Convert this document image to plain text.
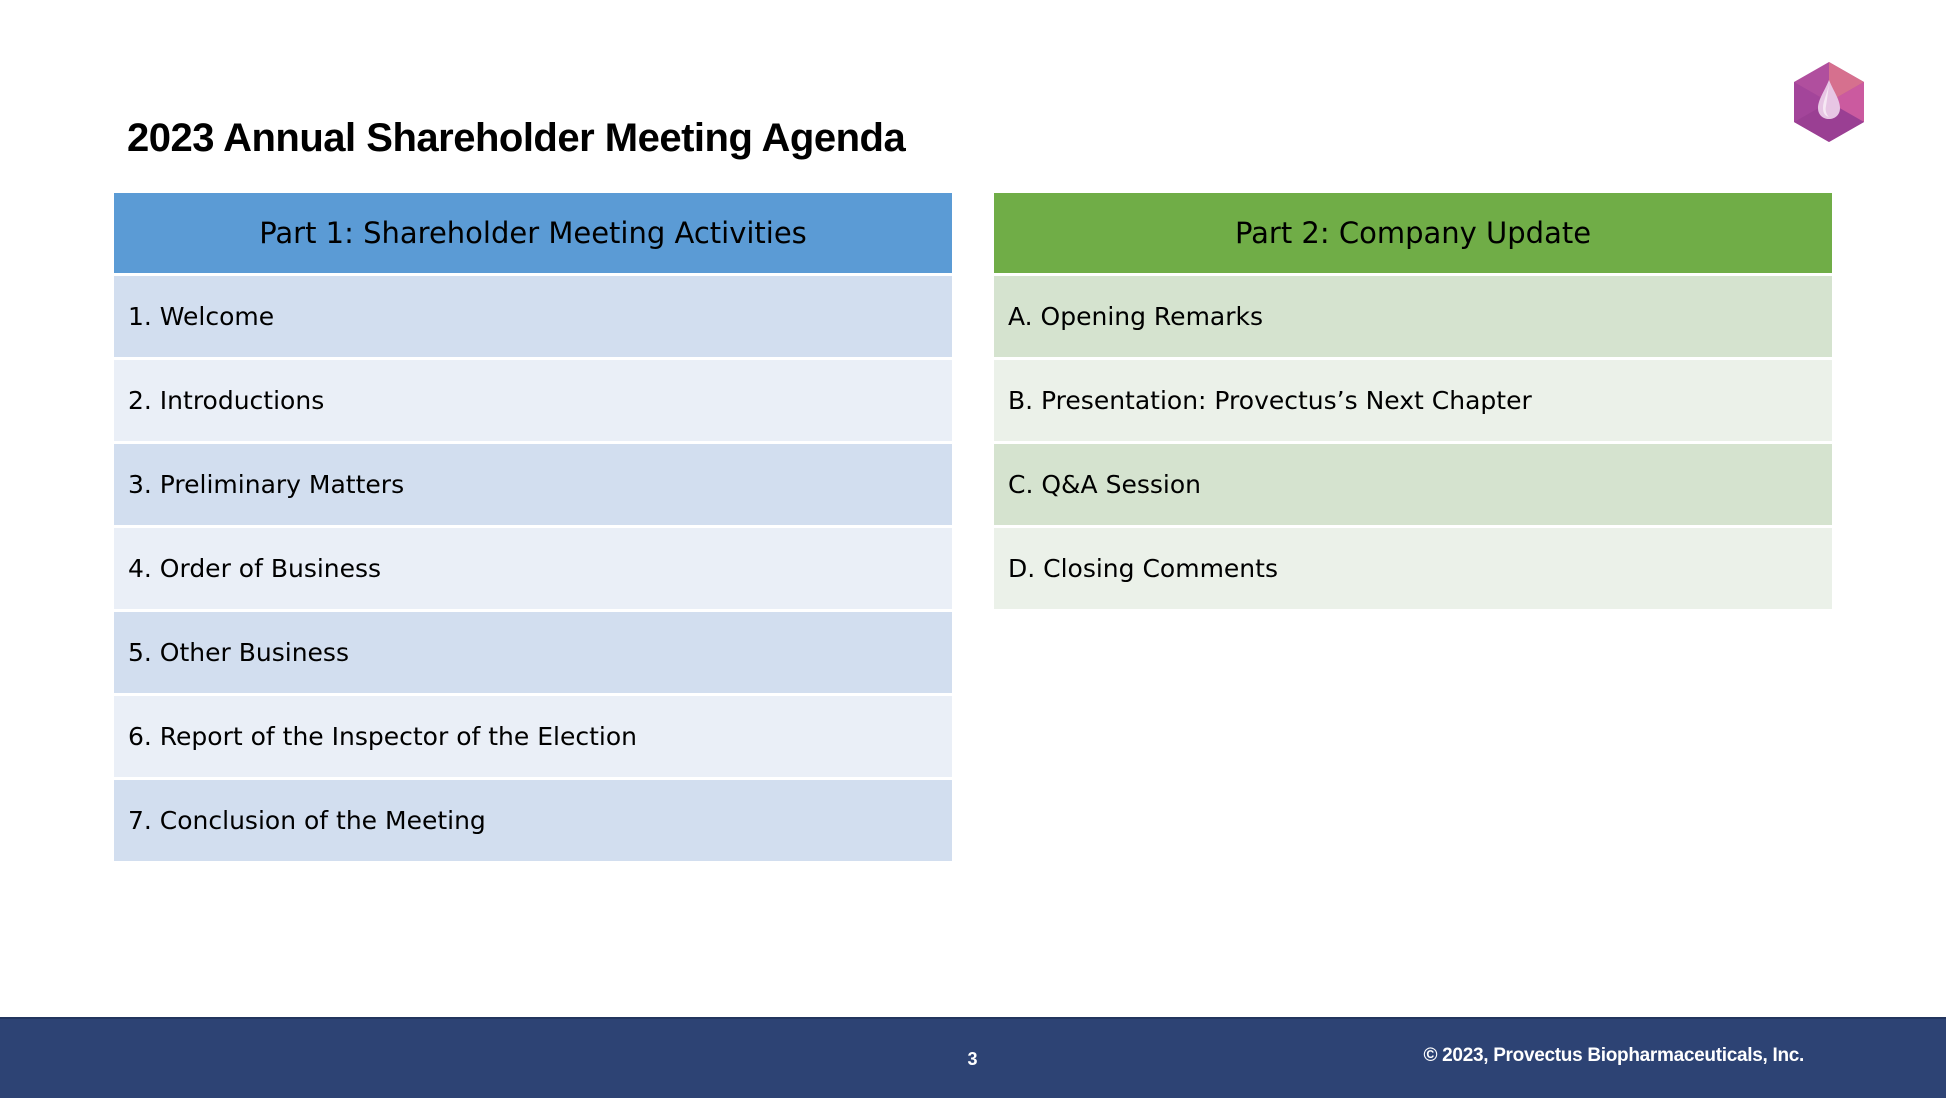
2023 Annual Shareholder Meeting Agenda
Part 1: Shareholder Meeting Activities
1. Welcome
2. Introductions
3. Preliminary Matters
4. Order of Business
5. Other Business
6. Report of the Inspector of the Election
7. Conclusion of the Meeting
Part 2: Company Update
A. Opening Remarks
B. Presentation: Provectus’s Next Chapter
C. Q&A Session
D. Closing Comments
3	© 2023, Provectus Biopharmaceuticals, Inc.
